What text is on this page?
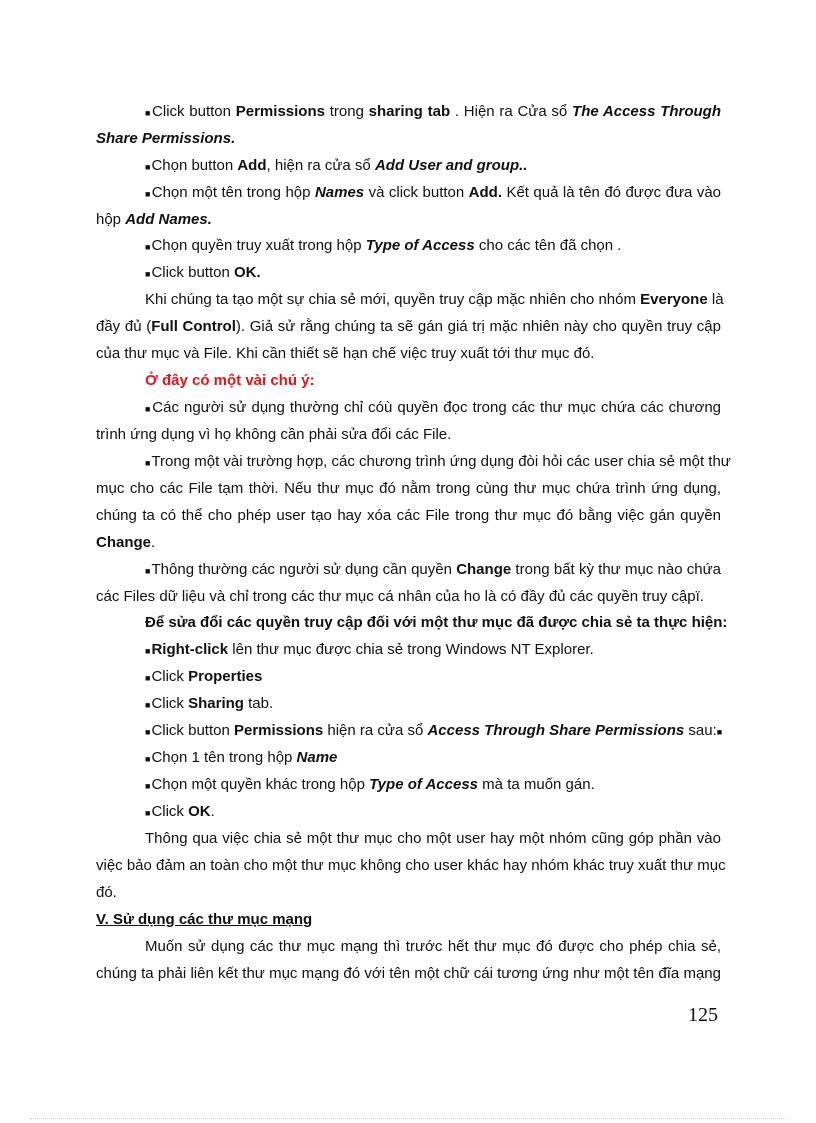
■Click button Permissions trong sharing tab . Hiện ra Cửa sổ The Access Through
Share Permissions.
■Chọn button Add, hiện ra cửa sổ Add User and group..
■Chọn một tên trong hộp Names và click button Add. Kết quả là tên đó được đưa vào
hộp Add Names.
■Chọn quyền truy xuất trong hộp Type of Access cho các tên đã chọn .
■Click button OK.
Khi chúng ta tạo một sự chia sẻ mới, quyền truy cập mặc nhiên cho nhóm Everyone là
đầy đủ (Full Control). Giả sử rằng chúng ta sẽ gán giá trị mặc nhiên này cho quyền truy cập
của thư mục và File. Khi cần thiết sẽ hạn chế việc truy xuất tới thư mục đó.
Ở đây có một vài chú ý:
■Các người sử dụng thường chỉ cóù quyền đọc trong các thư mục chứa các chương
trình ứng dụng vì họ không cần phải sửa đổi các File.
■Trong một vài trường hợp, các chương trình ứng dụng đòi hỏi các user chia sẻ một thư
mục cho các File tạm thời. Nếu thư mục đó nằm trong cùng thư mục chứa trình ứng dụng,
chúng ta có thể cho phép user tạo hay xóa các File trong thư mục đó bằng việc gán quyền
Change.
■Thông thường các người sử dụng cần quyền Change trong bất kỳ thư mục nào chứa
các Files dữ liệu và chỉ trong các thư mục cá nhân của ho là có đầy đủ các quyền truy cậpï.
Để sửa đổi các quyền truy cập đối với một thư mục đã được chia sẻ ta thực hiện:
■Right-click lên thư mục được chia sẻ trong Windows NT Explorer.
■Click Properties
■Click Sharing tab.
■Click button Permissions hiện ra cửa sổ Access Through Share Permissions sau:■
■Chọn 1 tên trong hộp Name
■Chọn một quyền khác trong hộp Type of Access mà ta muốn gán.
■Click OK.
Thông qua việc chia sẻ một thư mục cho một user hay một nhóm cũng góp phần vào
việc bảo đảm an toàn cho một thư mục không cho user khác hay nhóm khác truy xuất thư mục
đó.
V. Sử dụng các thư mục mạng
Muốn sử dụng các thư mục mạng thì trước hết thư mục đó được cho phép chia sẻ,
chúng ta phải liên kết thư mục mạng đó với tên một chữ cái tương ứng như một tên đĩa mạng
125
